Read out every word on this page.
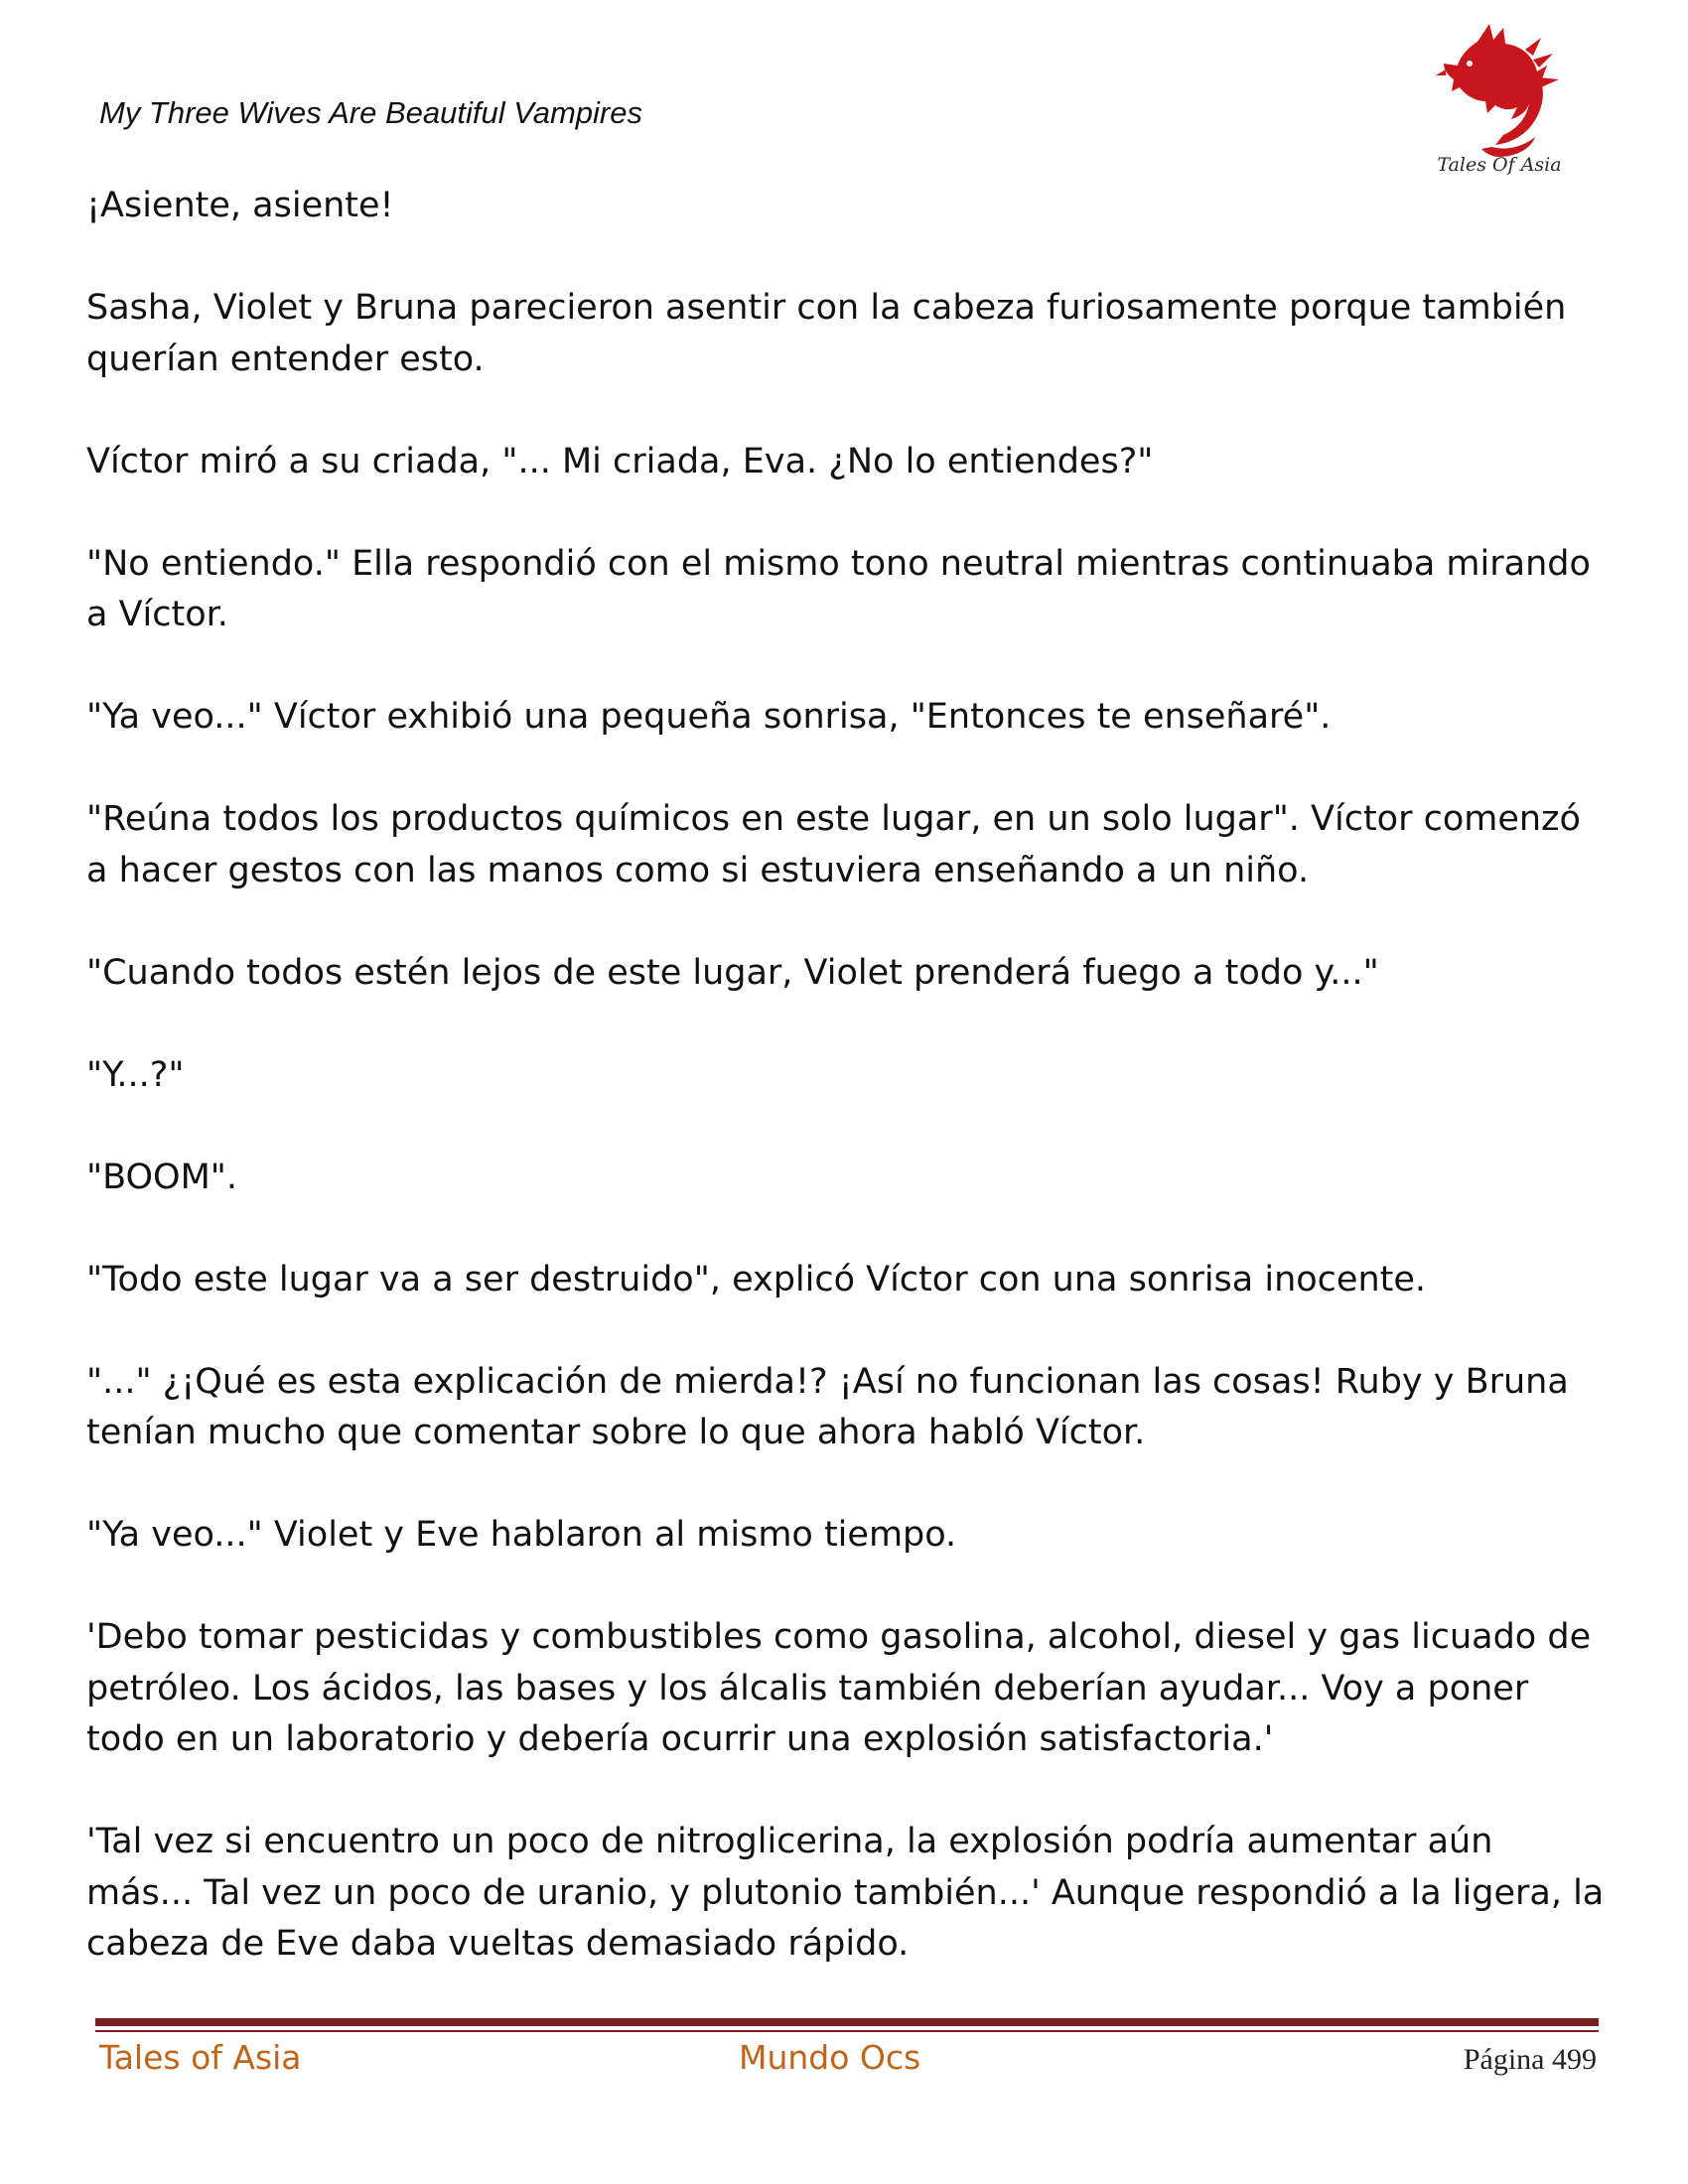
My Three Wives Are Beautiful Vampires
Tales Of Asia

¡Asiente, asiente!

Sasha, Violet y Bruna parecieron asentir con la cabeza furiosamente porque también querían entender esto.

Víctor miró a su criada, "... Mi criada, Eva. ¿No lo entiendes?"

"No entiendo." Ella respondió con el mismo tono neutral mientras continuaba mirando a Víctor.

"Ya veo..." Víctor exhibió una pequeña sonrisa, "Entonces te enseñaré".

"Reúna todos los productos químicos en este lugar, en un solo lugar". Víctor comenzó a hacer gestos con las manos como si estuviera enseñando a un niño.

"Cuando todos estén lejos de este lugar, Violet prenderá fuego a todo y..."

"Y...?"

"BOOM".

"Todo este lugar va a ser destruido", explicó Víctor con una sonrisa inocente.

"..." ¿¡Qué es esta explicación de mierda!? ¡Así no funcionan las cosas! Ruby y Bruna tenían mucho que comentar sobre lo que ahora habló Víctor.

"Ya veo..." Violet y Eve hablaron al mismo tiempo.

'Debo tomar pesticidas y combustibles como gasolina, alcohol, diesel y gas licuado de petróleo. Los ácidos, las bases y los álcalis también deberían ayudar... Voy a poner todo en un laboratorio y debería ocurrir una explosión satisfactoria.'

'Tal vez si encuentro un poco de nitroglicerina, la explosión podría aumentar aún más... Tal vez un poco de uranio, y plutonio también...' Aunque respondió a la ligera, la cabeza de Eve daba vueltas demasiado rápido.

Tales of Asia	Mundo Ocs	Página 499
